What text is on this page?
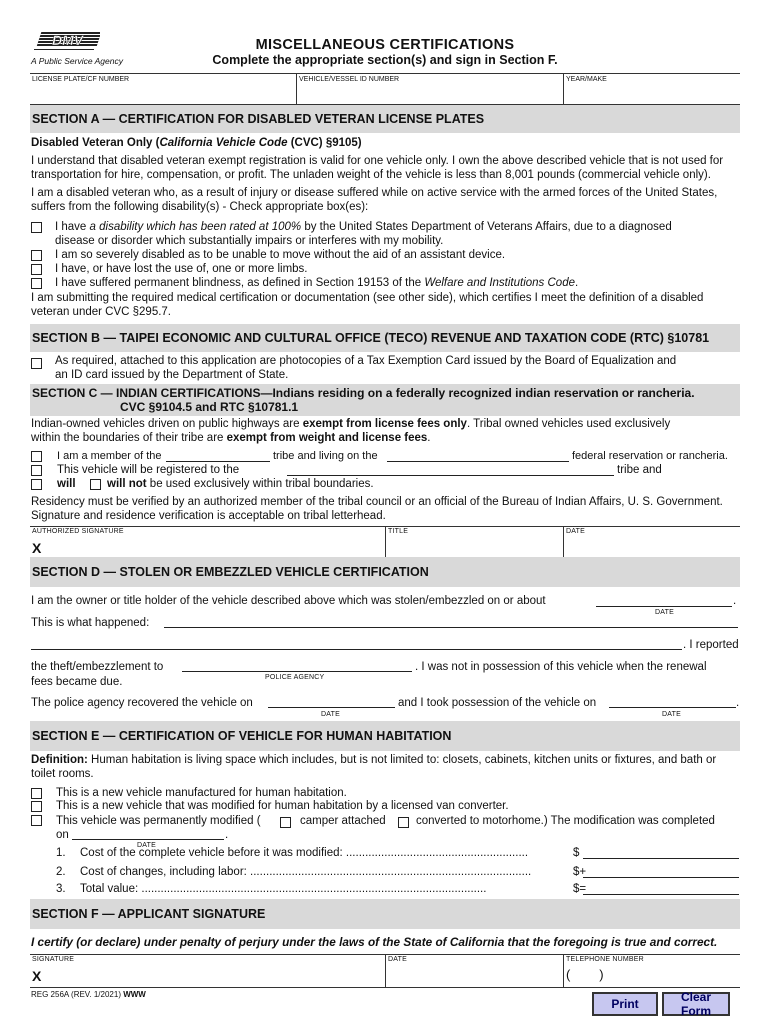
DMV
A Public Service Agency
MISCELLANEOUS CERTIFICATIONS
Complete the appropriate section(s) and sign in Section F.
LICENSE PLATE/CF NUMBER	VEHICLE/VESSEL ID NUMBER	YEAR/MAKE
SECTION A — CERTIFICATION FOR DISABLED VETERAN LICENSE PLATES
Disabled Veteran Only (California Vehicle Code (CVC) §9105)
I understand that disabled veteran exempt registration is valid for one vehicle only. I own the above described vehicle that is not used for transportation for hire, compensation, or profit. The unladen weight of the vehicle is less than 8,001 pounds (commercial vehicle only).
I am a disabled veteran who, as a result of injury or disease suffered while on active service with the armed forces of the United States, suffers from the following disability(s) - Check appropriate box(es):
I have a disability which has been rated at 100% by the United States Department of Veterans Affairs, due to a diagnosed
disease or disorder which substantially impairs or interferes with my mobility.
I am so severely disabled as to be unable to move without the aid of an assistant device.
I have, or have lost the use of, one or more limbs.
I have suffered permanent blindness, as defined in Section 19153 of the Welfare and Institutions Code.
I am submitting the required medical certification or documentation (see other side), which certifies I meet the definition of a disabled veteran under CVC §295.7.
SECTION B — TAIPEI ECONOMIC AND CULTURAL OFFICE (TECO) REVENUE AND TAXATION CODE (RTC) §10781
As required, attached to this application are photocopies of a Tax Exemption Card issued by the Board of Equalization and
an ID card issued by the Department of State.
SECTION C — INDIAN CERTIFICATIONS—Indians residing on a federally recognized indian reservation or rancheria.
CVC §9104.5 and RTC §10781.1
Indian-owned vehicles driven on public highways are exempt from license fees only. Tribal owned vehicles used exclusively
within the boundaries of their tribe are exempt from weight and license fees.
I am a member of the	tribe and living on the	federal reservation or rancheria.
This vehicle will be registered to the	tribe and
will	will not be used exclusively within tribal boundaries.
Residency must be verified by an authorized member of the tribal council or an official of the Bureau of Indian Affairs, U. S. Government. Signature and residence verification is acceptable on tribal letterhead.
AUTHORIZED SIGNATURE
X
TITLE	DATE
SECTION D — STOLEN OR EMBEZZLED VEHICLE CERTIFICATION
I am the owner or title holder of the vehicle described above which was stolen/embezzled on or about	.
DATE
This is what happened:
. I reported
the theft/embezzlement to	. I was not in possession of this vehicle when the renewal
POLICE AGENCY
fees became due.
The police agency recovered the vehicle on	and I took possession of the vehicle on	.
DATE	DATE
SECTION E — CERTIFICATION OF VEHICLE FOR HUMAN HABITATION
Definition: Human habitation is living space which includes, but is not limited to: closets, cabinets, kitchen units or fixtures, and bath or toilet rooms.
This is a new vehicle manufactured for human habitation.
This is a new vehicle that was modified for human habitation by a licensed van converter.
This vehicle was permanently modified (	camper attached	converted to motorhome.) The modification was completed
on	.
DATE
1. Cost of the complete vehicle before it was modified: .........................................................	$
2. Cost of changes, including labor: ........................................................................................	$+
3. Total value: ............................................................................................................	$=
SECTION F — APPLICANT SIGNATURE
I certify (or declare) under penalty of perjury under the laws of the State of California that the foregoing is true and correct.
SIGNATURE
X
DATE	TELEPHONE NUMBER
(        )
REG 256A (REV. 1/2021) WWW
Print	Clear Form
